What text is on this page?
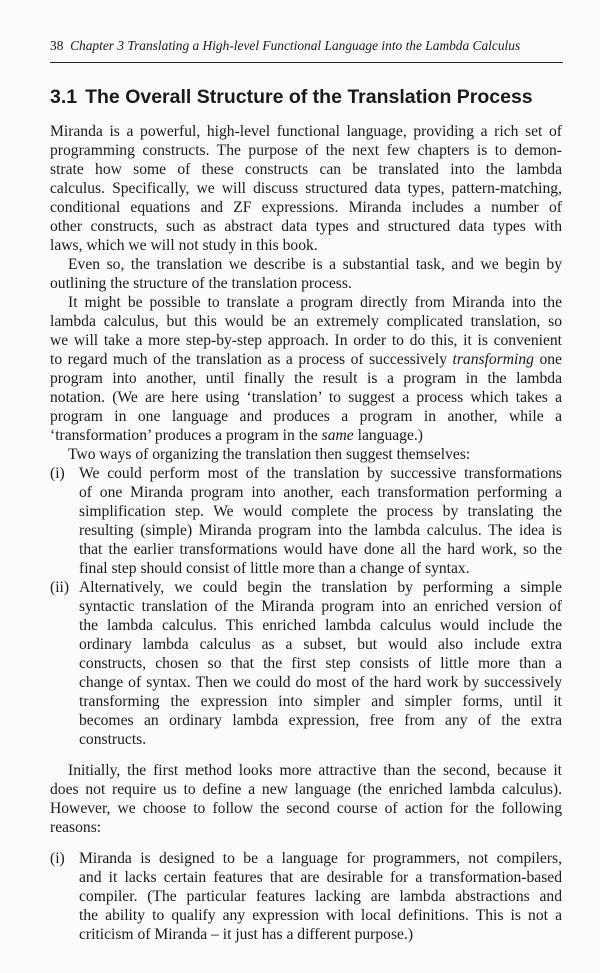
38 Chapter 3 Translating a High-level Functional Language into the Lambda Calculus
3.1 The Overall Structure of the Translation Process
Miranda is a powerful, high-level functional language, providing a rich set of
programming constructs. The purpose of the next few chapters is to demon-
strate how some of these constructs can be translated into the lambda
calculus. Specifically, we will discuss structured data types, pattern-matching,
conditional equations and ZF expressions. Miranda includes a number of
other constructs, such as abstract data types and structured data types with
laws, which we will not study in this book.
Even so, the translation we describe is a substantial task, and we begin by
outlining the structure of the translation process.
It might be possible to translate a program directly from Miranda into the
lambda calculus, but this would be an extremely complicated translation, so
we will take a more step-by-step approach. In order to do this, it is convenient
to regard much of the translation as a process of successively transforming one
program into another, until finally the result is a program in the lambda
notation. (We are here using ‘translation’ to suggest a process which takes a
program in one language and produces a program in another, while a
‘transformation’ produces a program in the same language.)
Two ways of organizing the translation then suggest themselves:
(i) We could perform most of the translation by successive transformations
of one Miranda program into another, each transformation performing a
simplification step. We would complete the process by translating the
resulting (simple) Miranda program into the lambda calculus. The idea is
that the earlier transformations would have done all the hard work, so the
final step should consist of little more than a change of syntax.
(ii) Alternatively, we could begin the translation by performing a simple
syntactic translation of the Miranda program into an enriched version of
the lambda calculus. This enriched lambda calculus would include the
ordinary lambda calculus as a subset, but would also include extra
constructs, chosen so that the first step consists of little more than a
change of syntax. Then we could do most of the hard work by successively
transforming the expression into simpler and simpler forms, until it
becomes an ordinary lambda expression, free from any of the extra
constructs.
Initially, the first method looks more attractive than the second, because it
does not require us to define a new language (the enriched lambda calculus).
However, we choose to follow the second course of action for the following
reasons:
(i) Miranda is designed to be a language for programmers, not compilers,
and it lacks certain features that are desirable for a transformation-based
compiler. (The particular features lacking are lambda abstractions and
the ability to qualify any expression with local definitions. This is not a
criticism of Miranda – it just has a different purpose.)
